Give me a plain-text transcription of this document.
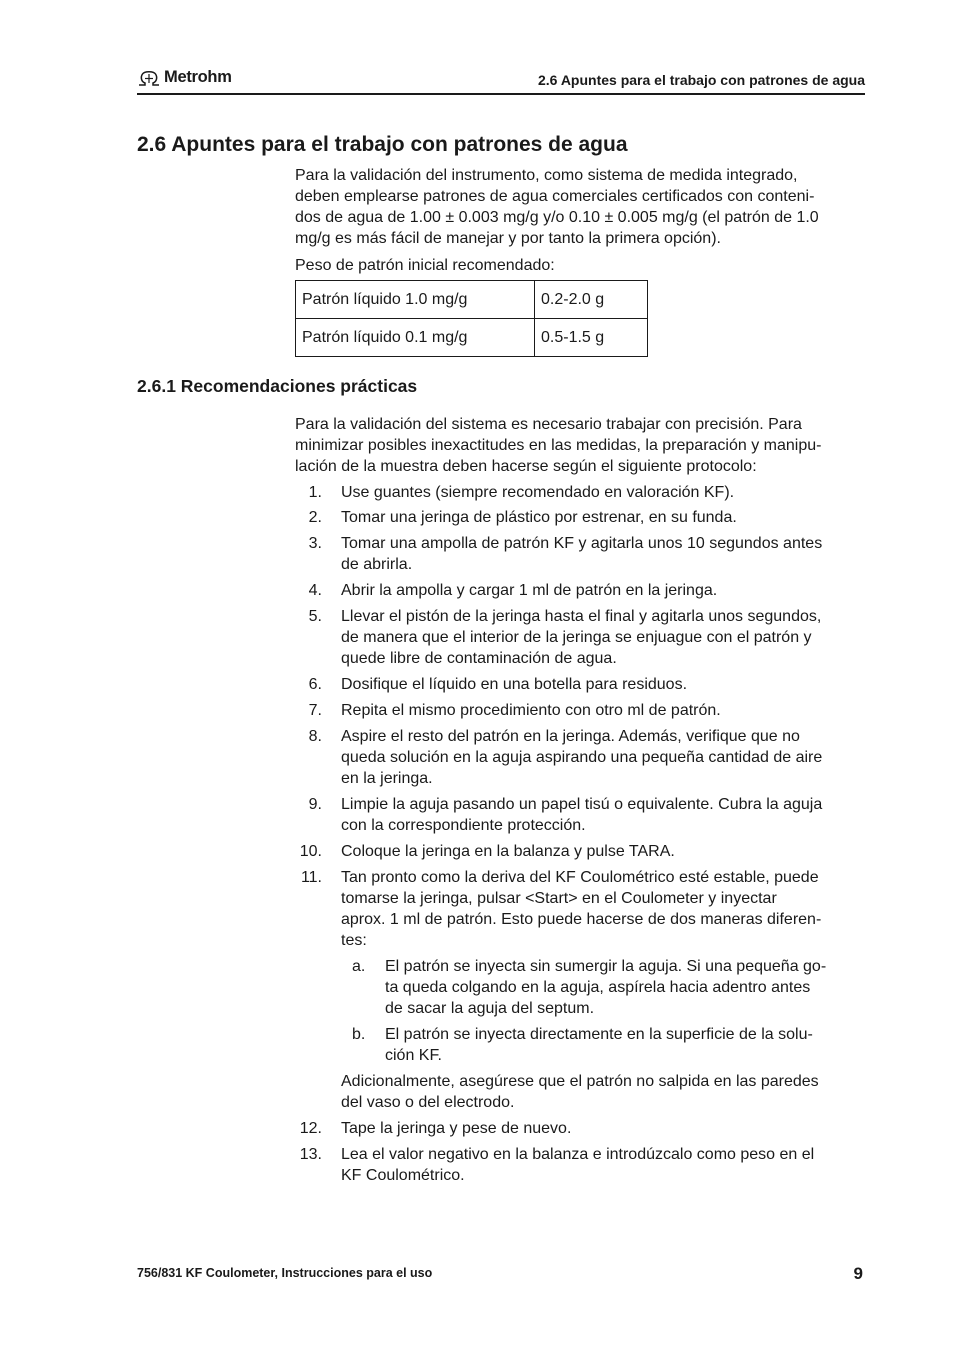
Metrohm	2.6 Apuntes para el trabajo con patrones de agua
2.6 Apuntes para el trabajo con patrones de agua
Para la validación del instrumento, como sistema de medida integrado,
deben emplearse patrones de agua comerciales certificados con conteni-
dos de agua de 1.00 ± 0.003 mg/g y/o 0.10 ± 0.005 mg/g (el patrón de 1.0
mg/g es más fácil de manejar y por tanto la primera opción).
Peso de patrón inicial recomendado:
Patrón líquido 1.0 mg/g	0.2-2.0 g
Patrón líquido 0.1 mg/g	0.5-1.5 g
2.6.1 Recomendaciones prácticas
Para la validación del sistema es necesario trabajar con precisión. Para
minimizar posibles inexactitudes en las medidas, la preparación y manipu-
lación de la muestra deben hacerse según el siguiente protocolo:
1. Use guantes (siempre recomendado en valoración KF).
2. Tomar una jeringa de plástico por estrenar, en su funda.
3. Tomar una ampolla de patrón KF y agitarla unos 10 segundos antes
de abrirla.
4. Abrir la ampolla y cargar 1 ml de patrón en la jeringa.
5. Llevar el pistón de la jeringa hasta el final y agitarla unos segundos,
de manera que el interior de la jeringa se enjuague con el patrón y
quede libre de contaminación de agua.
6. Dosifique el líquido en una botella para residuos.
7. Repita el mismo procedimiento con otro ml de patrón.
8. Aspire el resto del patrón en la jeringa. Además, verifique que no
queda solución en la aguja aspirando una pequeña cantidad de aire
en la jeringa.
9. Limpie la aguja pasando un papel tisú o equivalente. Cubra la aguja
con la correspondiente protección.
10. Coloque la jeringa en la balanza y pulse TARA.
11. Tan pronto como la deriva del KF Coulométrico esté estable, puede
tomarse la jeringa, pulsar <Start> en el Coulometer y inyectar
aprox. 1 ml de patrón. Esto puede hacerse de dos maneras diferen-
tes:
a. El patrón se inyecta sin sumergir la aguja. Si una pequeña go-
ta queda colgando en la aguja, aspírela hacia adentro antes
de sacar la aguja del septum.
b. El patrón se inyecta directamente en la superficie de la solu-
ción KF.
Adicionalmente, asegúrese que el patrón no salpida en las paredes
del vaso o del electrodo.
12. Tape la jeringa y pese de nuevo.
13. Lea el valor negativo en la balanza e introdúzcalo como peso en el
KF Coulométrico.
756/831 KF Coulometer, Instrucciones para el uso	9
